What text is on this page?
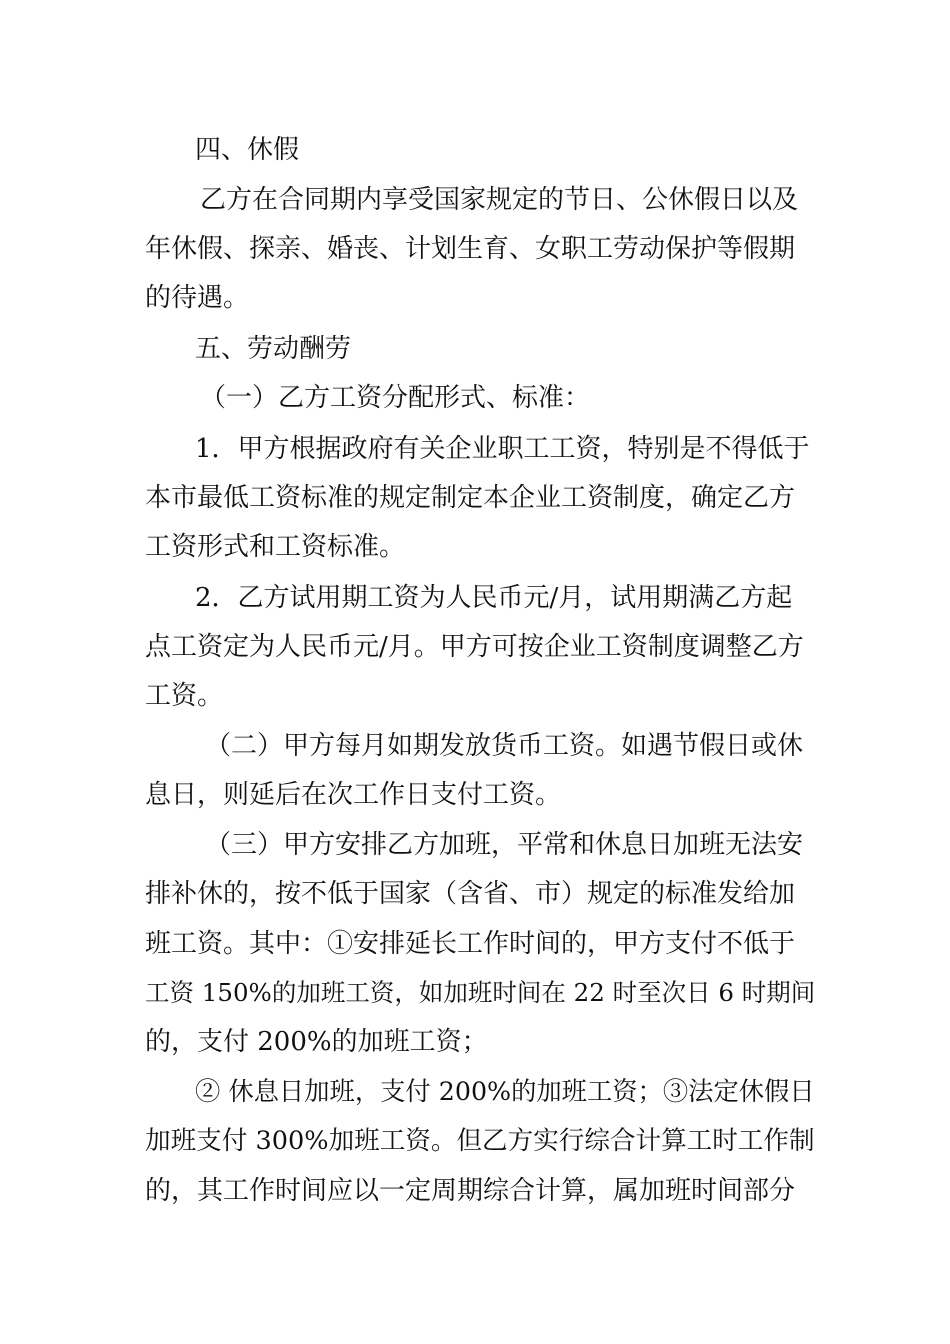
四、休假

乙方在合同期内享受国家规定的节日、公休假日以及

年休假、探亲、婚丧、计划生育、女职工劳动保护等假期

的待遇。

五、劳动酬劳

（一）乙方工资分配形式、标准：

1．甲方根据政府有关企业职工工资，特别是不得低于

本市最低工资标准的规定制定本企业工资制度，确定乙方

工资形式和工资标准。

2．乙方试用期工资为人民币元/月，试用期满乙方起

点工资定为人民币元/月。甲方可按企业工资制度调整乙方

工资。

（二）甲方每月如期发放货币工资。如遇节假日或休

息日，则延后在次工作日支付工资。

（三）甲方安排乙方加班，平常和休息日加班无法安

排补休的，按不低于国家（含省、市）规定的标准发给加

班工资。其中：①安排延长工作时间的，甲方支付不低于

工资 150%的加班工资，如加班时间在 22 时至次日 6 时期间

的，支付 200%的加班工资；

② 休息日加班，支付 200%的加班工资；③法定休假日

加班支付 300%加班工资。但乙方实行综合计算工时工作制

的，其工作时间应以一定周期综合计算，属加班时间部分
